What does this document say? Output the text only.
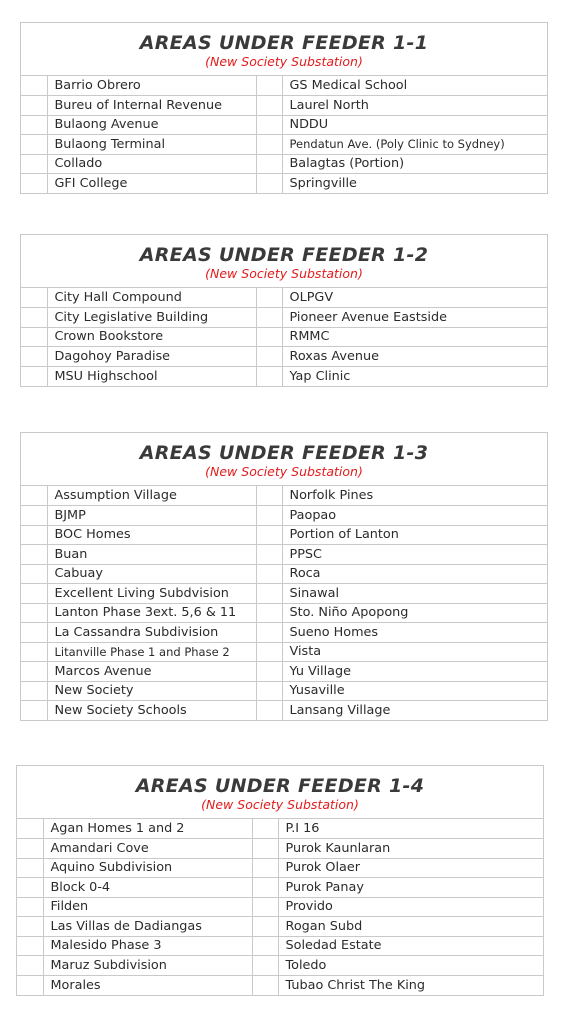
AREAS UNDER FEEDER 1-1
(New Society Substation)
	Barrio Obrero		GS Medical School
	Bureu of Internal Revenue		Laurel North
	Bulaong Avenue		NDDU
	Bulaong Terminal		Pendatun Ave. (Poly Clinic to Sydney)
	Collado		Balagtas (Portion)
	GFI College		Springville
AREAS UNDER FEEDER 1-2
(New Society Substation)
	City Hall Compound		OLPGV
	City Legislative Building		Pioneer Avenue Eastside
	Crown Bookstore		RMMC
	Dagohoy Paradise		Roxas Avenue
	MSU Highschool		Yap Clinic
AREAS UNDER FEEDER 1-3
(New Society Substation)
	Assumption Village		Norfolk Pines
	BJMP		Paopao
	BOC Homes		Portion of Lanton
	Buan		PPSC
	Cabuay		Roca
	Excellent Living Subdvision		Sinawal
	Lanton Phase 3ext. 5,6 & 11		Sto. Niño Apopong
	La Cassandra Subdivision		Sueno Homes
	Litanville Phase 1 and Phase 2		Vista
	Marcos Avenue		Yu Village
	New Society		Yusaville
	New Society Schools		Lansang Village
AREAS UNDER FEEDER 1-4
(New Society Substation)
	Agan Homes 1 and 2		P.I 16
	Amandari Cove		Purok Kaunlaran
	Aquino Subdivision		Purok Olaer
	Block 0-4		Purok Panay
	Filden		Provido
	Las Villas de Dadiangas		Rogan Subd
	Malesido Phase 3		Soledad Estate
	Maruz Subdivision		Toledo
	Morales		Tubao Christ The King
